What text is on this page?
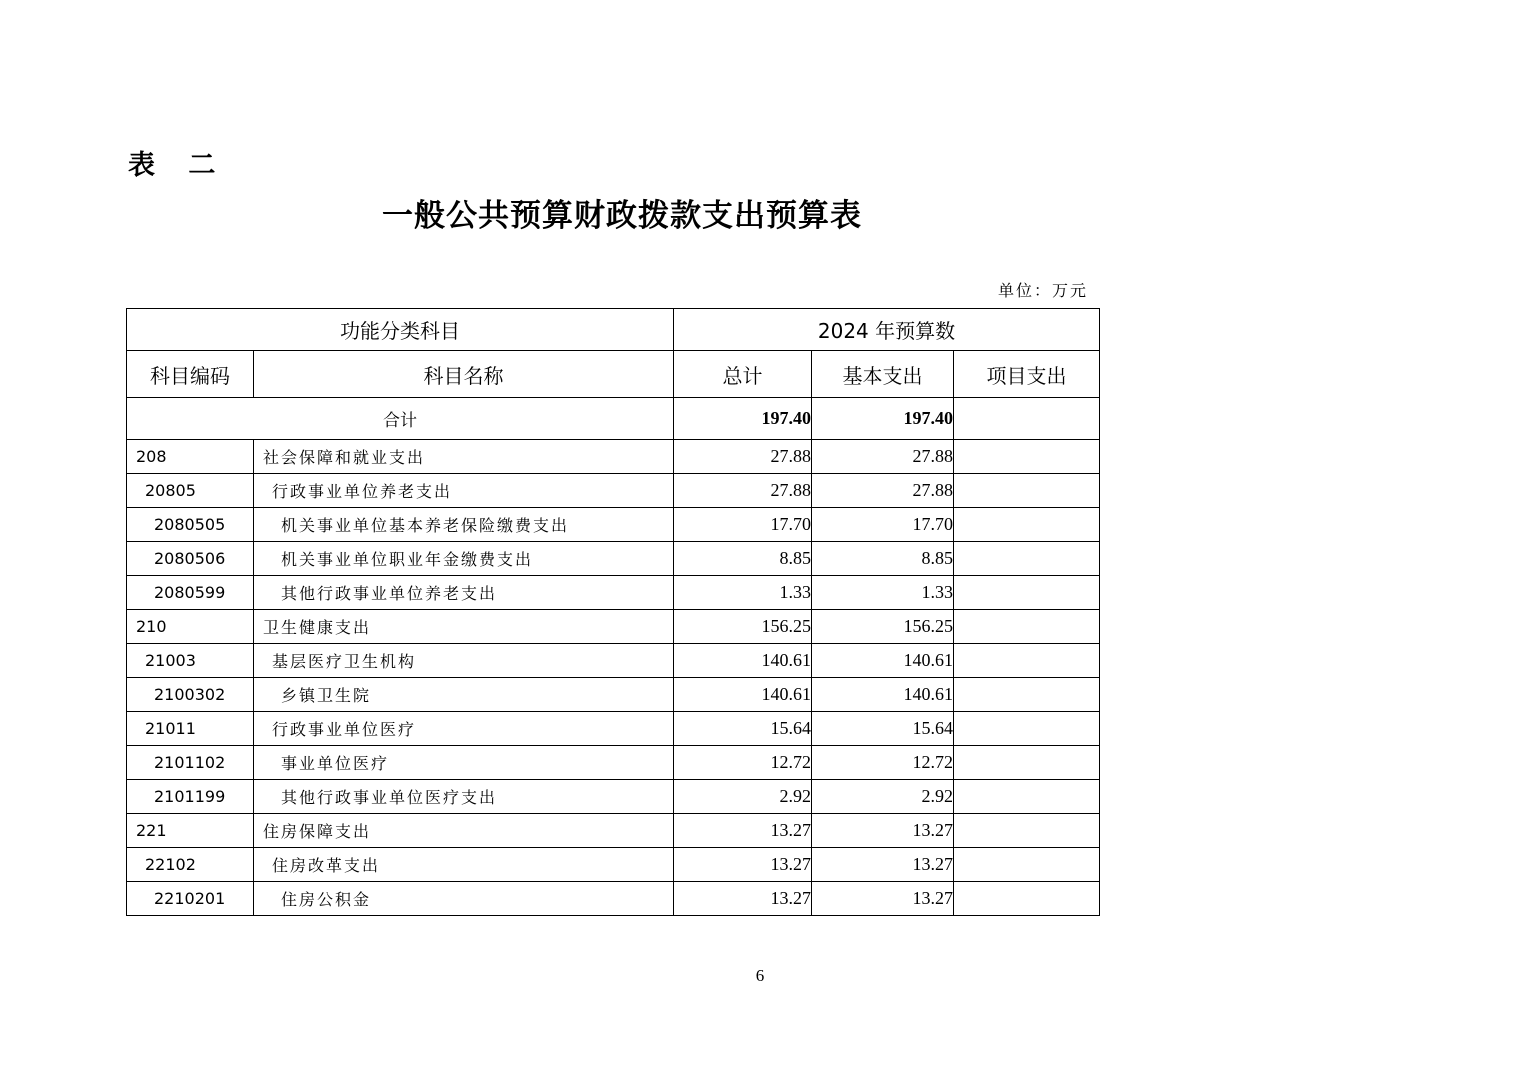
表 二
一般公共预算财政拨款支出预算表
单位：万元
功能分类科目		2024 年预算数		
科目编码	科目名称	总计	基本支出	项目支出
合计		197.40	197.40	
208	社会保障和就业支出	27.88	27.88	
20805	行政事业单位养老支出	27.88	27.88	
2080505	机关事业单位基本养老保险缴费支出	17.70	17.70	
2080506	机关事业单位职业年金缴费支出	8.85	8.85	
2080599	其他行政事业单位养老支出	1.33	1.33	
210	卫生健康支出	156.25	156.25	
21003	基层医疗卫生机构	140.61	140.61	
2100302	乡镇卫生院	140.61	140.61	
21011	行政事业单位医疗	15.64	15.64	
2101102	事业单位医疗	12.72	12.72	
2101199	其他行政事业单位医疗支出	2.92	2.92	
221	住房保障支出	13.27	13.27	
22102	住房改革支出	13.27	13.27	
2210201	住房公积金	13.27	13.27	
6
